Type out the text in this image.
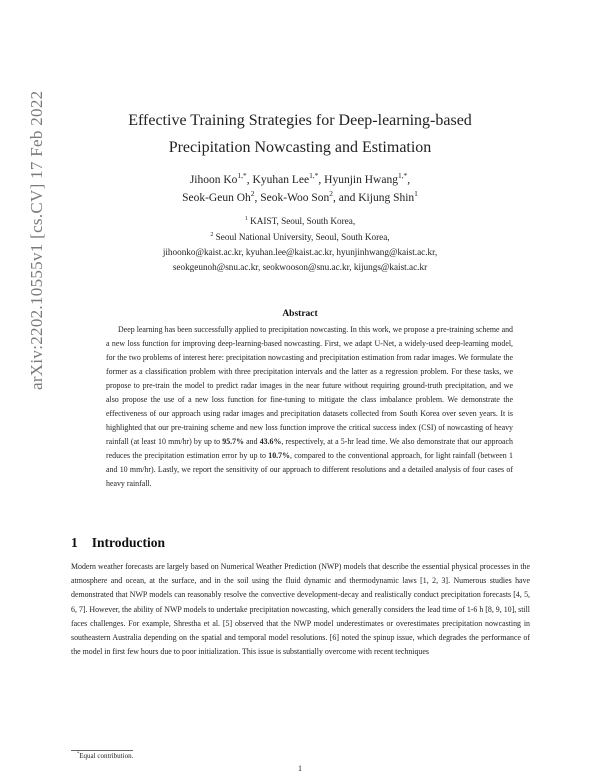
arXiv:2202.10555v1 [cs.CV] 17 Feb 2022	Effective Training Strategies for Deep-learning-based
Precipitation Nowcasting and Estimation
Jihoon $Ko^{1,*}$, Kyuhan Lee$^{1,*}$, Hyunjin Hwang$^{1,*}$,
Seok-Geun Oh$^2$, Seok-Woo Son$^2$, and Kijung Shin$^1$
$^1$ KAIST, Seoul, South Korea,
$^2$ Seoul National University, Seoul, South Korea,
jihoonko@kaist.ac.kr, kyuhan.lee@kaist.ac.kr, hyunjinhwang@kaist.ac.kr,
seokgeunoh@snu.ac.kr, seokwooson@snu.ac.kr, kijungs@kaist.ac.kr
Abstract
Deep learning has been successfully applied to precipitation nowcasting. In this work, we propose a pre-training scheme and a new loss function for improving deep-learning-based nowcasting. First, we adapt U-Net, a widely-used deep-learning model, for the two problems of interest here: precipitation nowcasting and precipitation estimation from radar images. We formulate the former as a classification problem with three precipitation intervals and the latter as a regression problem. For these tasks, we propose to pre-train the model to predict radar images in the near future without requiring ground-truth precipitation, and we also propose the use of a new loss function for fine-tuning to mitigate the class imbalance problem. We demonstrate the effectiveness of our approach using radar images and precipitation datasets collected from South Korea over seven years. It is highlighted that our pre-training scheme and new loss function improve the critical success index (CSI) of nowcasting of heavy rainfall (at least 10 mm/hr) by up to 95.7% and 43.6%, respectively, at a 5-hr lead time. We also demonstrate that our approach reduces the precipitation estimation error by up to 10.7%, compared to the conventional approach, for light rainfall (between 1 and 10 mm/hr). Lastly, we report the sensitivity of our approach to different resolutions and a detailed analysis of four cases of heavy rainfall.
1 Introduction
Modern weather forecasts are largely based on Numerical Weather Prediction (NWP) models that describe the essential physical processes in the atmosphere and ocean, at the surface, and in the soil using the fluid dynamic and thermodynamic laws [1, 2, 3]. Numerous studies have demonstrated that NWP models can reasonably resolve the convective development-decay and realistically conduct precipitation forecasts [4, 5, 6, 7]. However, the ability of NWP models to undertake precipitation nowcasting, which generally considers the lead time of 1-6 h [8, 9, 10], still faces challenges. For example, Shrestha et al. [5] observed that the NWP model underestimates or overestimates precipitation nowcasting in southeastern Australia depending on the spatial and temporal model resolutions. [6] noted the spinup issue, which degrades the performance of the model in first few hours due to poor initialization. This issue is substantially overcome with recent techniques
*Equal contribution.
1
